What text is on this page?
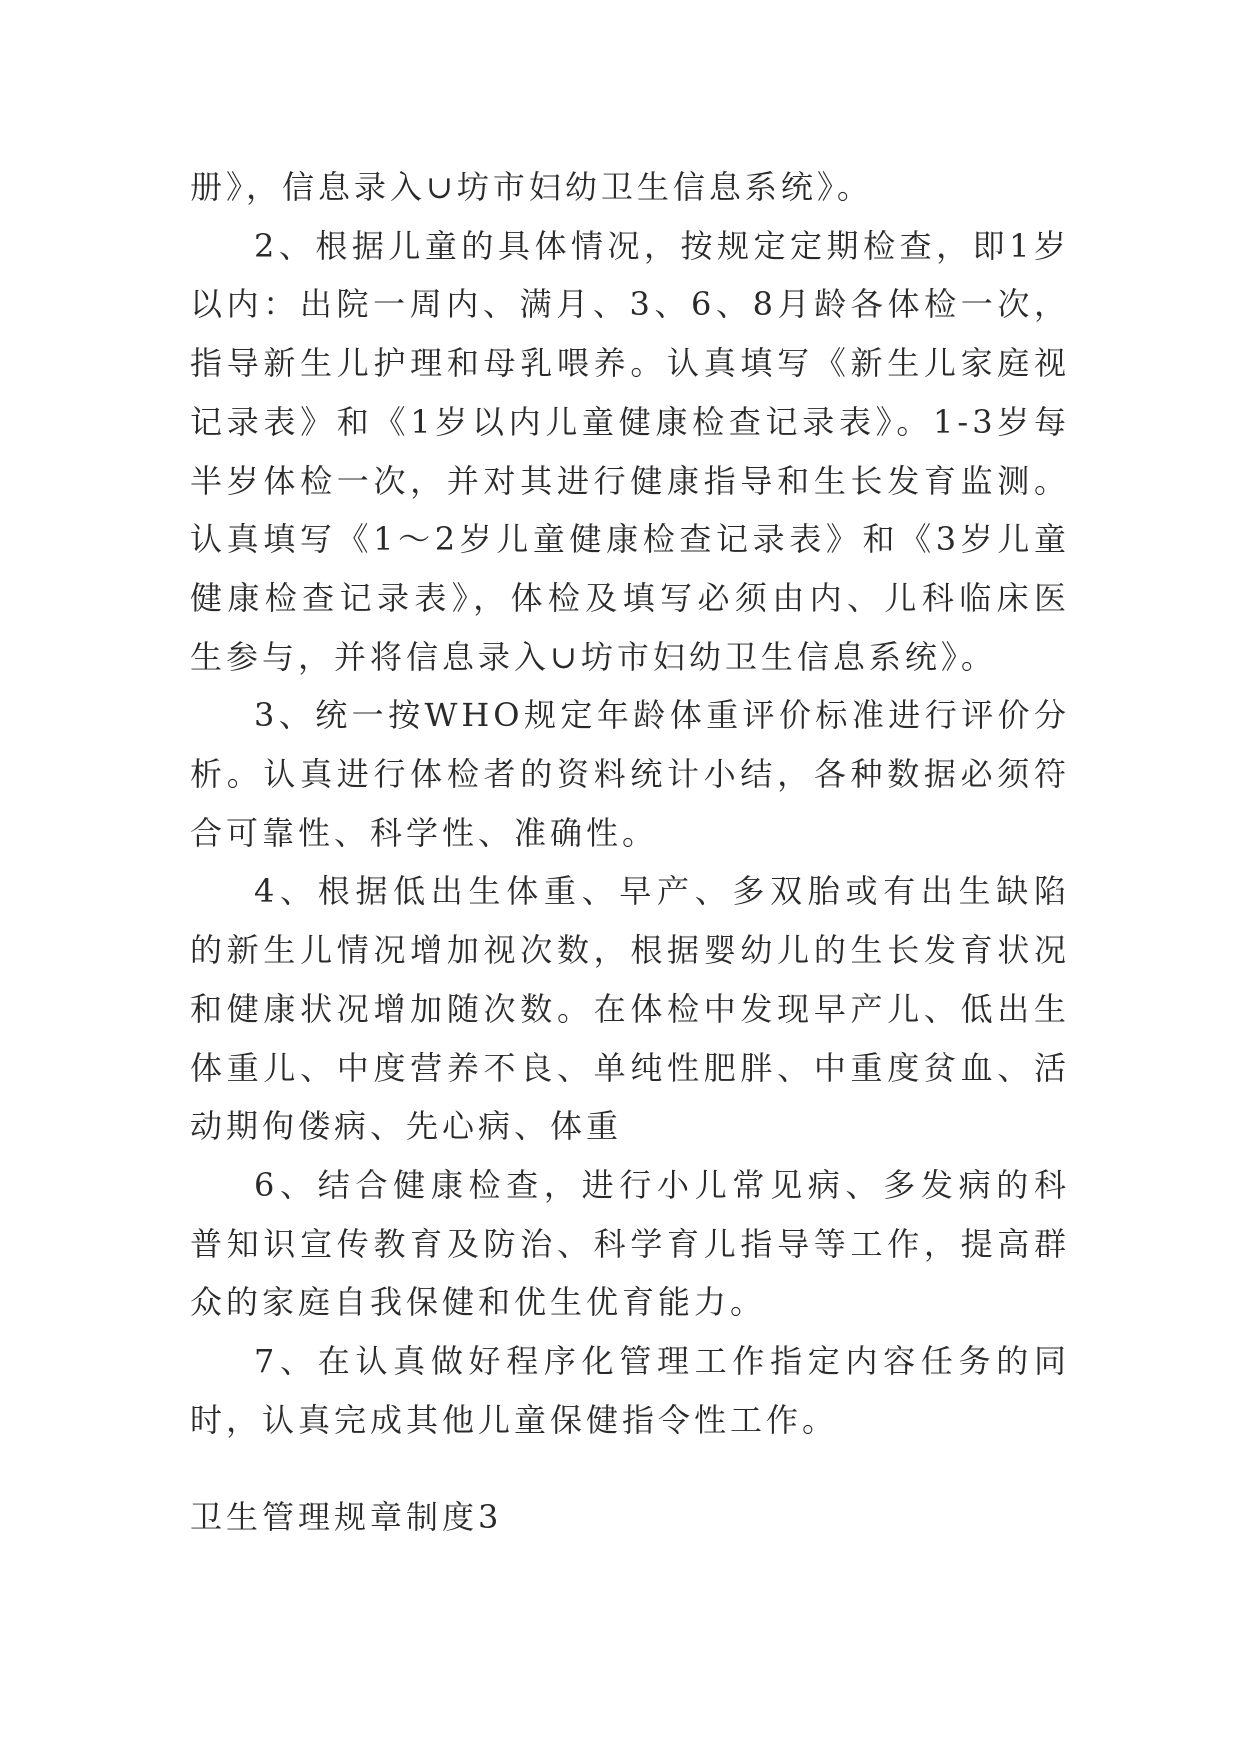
册》，信息录入∪坊市妇幼卫生信息系统》。

2、根据儿童的具体情况，按规定定期检查，即1岁以内：出院一周内、满月、3、6、8月龄各体检一次，指导新生儿护理和母乳喂养。认真填写《新生儿家庭视记录表》和《1岁以内儿童健康检查记录表》。1-3岁每半岁体检一次，并对其进行健康指导和生长发育监测。认真填写《1～2岁儿童健康检查记录表》和《3岁儿童健康检查记录表》，体检及填写必须由内、儿科临床医生参与，并将信息录入∪坊市妇幼卫生信息系统》。

3、统一按WHO规定年龄体重评价标准进行评价分析。认真进行体检者的资料统计小结，各种数据必须符合可靠性、科学性、准确性。

4、根据低出生体重、早产、多双胎或有出生缺陷的新生儿情况增加视次数，根据婴幼儿的生长发育状况和健康状况增加随次数。在体检中发现早产儿、低出生体重儿、中度营养不良、单纯性肥胖、中重度贫血、活动期佝偻病、先心病、体重

6、结合健康检查，进行小儿常见病、多发病的科普知识宣传教育及防治、科学育儿指导等工作，提高群众的家庭自我保健和优生优育能力。

7、在认真做好程序化管理工作指定内容任务的同时，认真完成其他儿童保健指令性工作。

卫生管理规章制度3
